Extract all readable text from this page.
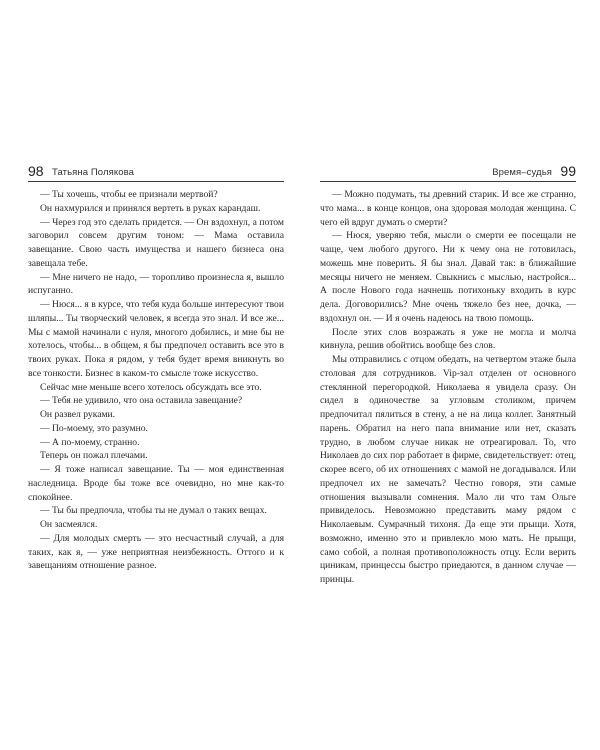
98 Татьяна Полякова

— Ты хочешь, чтобы ее признали мертвой?

Он нахмурился и принялся вертеть в руках карандаш.

— Через год это сделать придется. — Он вздохнул, а потом заговорил совсем другим тоном: — Мама оставила завещание. Свою часть имущества и нашего бизнеса она завещала тебе.

— Мне ничего не надо, — торопливо произнесла я, вышло испуганно.

— Нюся... я в курсе, что тебя куда больше интересуют твои шляпы... Ты творческий человек, я всегда это знал. И все же... Мы с мамой начинали с нуля, многого добились, и мне бы не хотелось, чтобы... в общем, я бы предпочел оставить все это в твоих руках. Пока я рядом, у тебя будет время вникнуть во все тонкости. Бизнес в каком-то смысле тоже искусство.

Сейчас мне меньше всего хотелось обсуждать все это.

— Тебя не удивило, что она оставила завещание?

Он развел руками.

— По-моему, это разумно.

— А по-моему, странно.

Теперь он пожал плечами.

— Я тоже написал завещание. Ты — моя единственная наследница. Вроде бы тоже все очевидно, но мне как-то спокойнее.

— Ты бы предпочла, чтобы ты не думал о таких вещах.

Он засмеялся.

— Для молодых смерть — это несчастный случай, а для таких, как я, — уже неприятная неизбежность. Оттого и к завещаниям отношение разное.

Время–судья 99

— Можно подумать, ты древний старик. И все же странно, что мама... в конце концов, она здоровая молодая женщина. С чего ей вдруг думать о смерти?

— Нюся, уверяю тебя, мысли о смерти ее посещали не чаще, чем любого другого. Ни к чему она не готовилась, можешь мне поверить. Я бы знал. Давай так: в ближайшие месяцы ничего не меняем. Свыкнись с мыслью, настройся... А после Нового года начнешь потихоньку входить в курс дела. Договорились? Мне очень тяжело без нее, дочка, — вздохнул он. — И я очень надеюсь на твою помощь.

После этих слов возражать я уже не могла и молча кивнула, решив обойтись вообще без слов.

Мы отправились с отцом обедать, на четвертом этаже была столовая для сотрудников. Vip-зал отделен от основного стеклянной перегородкой. Николаева я увидела сразу. Он сидел в одиночестве за угловым столиком, причем предпочитал пялиться в стену, а не на лица коллег. Занятный парень. Обратил на него папа внимание или нет, сказать трудно, в любом случае никак не отреагировал. То, что Николаев до сих пор работает в фирме, свидетельствует: отец, скорее всего, об их отношениях с мамой не догадывался. Или предпочел их не замечать? Честно говоря, эти самые отношения вызывали сомнения. Мало ли что там Ольге привиделось. Невозможно представить маму рядом с Николаевым. Сумрачный тихоня. Да еще эти прыщи. Хотя, возможно, именно это и привлекло мою мать. Не прыщи, само собой, а полная противоположность отцу. Если верить циникам, принцессы быстро приедаются, в данном случае — принцы.
